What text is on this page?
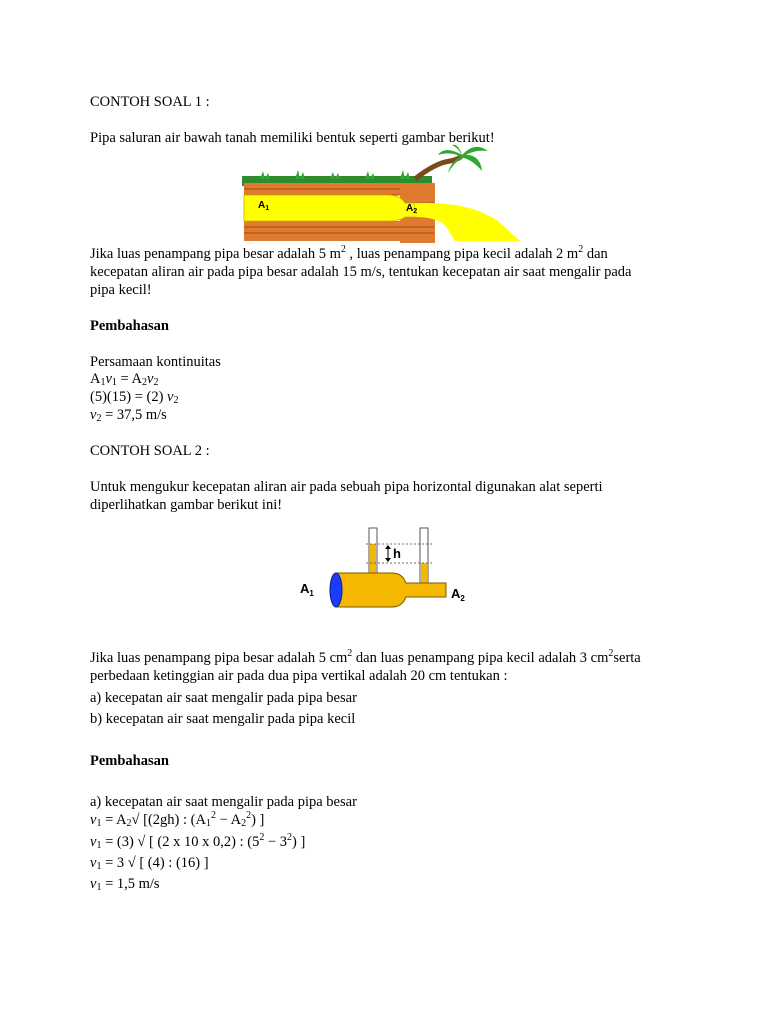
CONTOH SOAL 1 :

Pipa saluran air bawah tanah memiliki bentuk seperti gambar berikut!

$A_1$	$A_2$

Jika luas penampang pipa besar adalah 5 $m^2$ , luas penampang pipa kecil adalah 2 $m^2$ dan

kecepatan aliran air pada pipa besar adalah 15 m/s, tentukan kecepatan air saat mengalir pada

pipa kecil!

Pembahasan

Persamaan kontinuitas

$A_1v_1 = A_2v_2$

(5)(15) = (2) $v_2$

$v_2 = 37,5$ m/s

CONTOH SOAL 2 :

Untuk mengukur kecepatan aliran air pada sebuah pipa horizontal digunakan alat seperti

diperlihatkan gambar berikut ini!

h
$A_1$	$A_2$

Jika luas penampang pipa besar adalah 5 $cm^2$ dan luas penampang pipa kecil adalah 3 $cm^2serta$

perbedaan ketinggian air pada dua pipa vertikal adalah 20 cm tentukan :

a) kecepatan air saat mengalir pada pipa besar

b) kecepatan air saat mengalir pada pipa kecil

Pembahasan

a) kecepatan air saat mengalir pada pipa besar

$v_1 = A_2√$ [(2gh) : $(A_1^2 - A_2^2)$ ]

$v_1 = (3)$ √ [ (2 x 10 x 0,2) : $(5^2 - 3^2)$ ]

$v_1 = 3$ √ [ (4) : (16) ]

$v_1 = 1,5$ m/s
